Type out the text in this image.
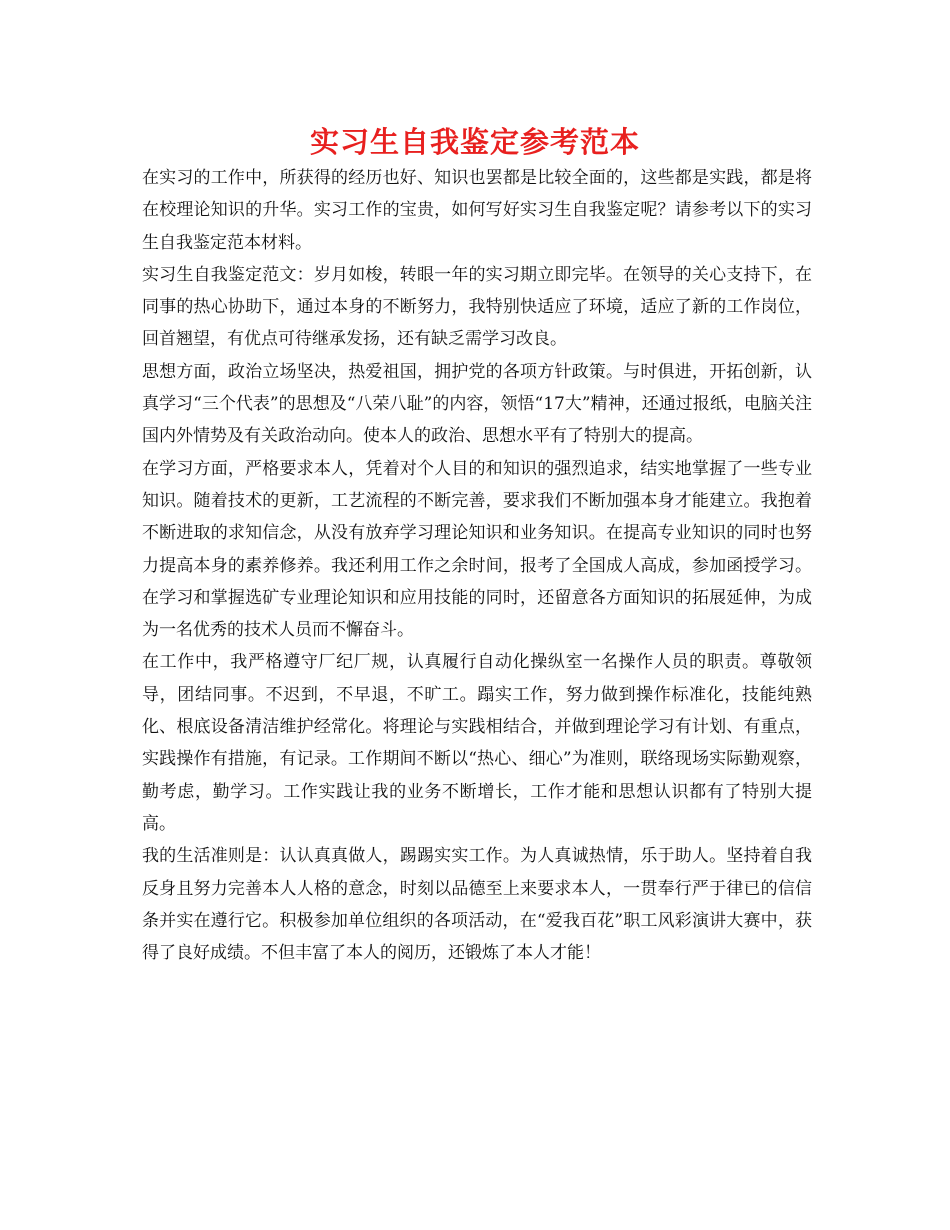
实习生自我鉴定参考范本

在实习的工作中，所获得的经历也好、知识也罢都是比较全面的，这些都是实践，都是将在校理论知识的升华。实习工作的宝贵，如何写好实习生自我鉴定呢？请参考以下的实习生自我鉴定范本材料。

实习生自我鉴定范文：岁月如梭，转眼一年的实习期立即完毕。在领导的关心支持下，在同事的热心协助下，通过本身的不断努力，我特别快适应了环境，适应了新的工作岗位，回首翘望，有优点可待继承发扬，还有缺乏需学习改良。

思想方面，政治立场坚决，热爱祖国，拥护党的各项方针政策。与时俱进，开拓创新，认真学习“三个代表”的思想及“八荣八耻”的内容，领悟“17大”精神，还通过报纸，电脑关注国内外情势及有关政治动向。使本人的政治、思想水平有了特别大的提高。

在学习方面，严格要求本人，凭着对个人目的和知识的强烈追求，结实地掌握了一些专业知识。随着技术的更新，工艺流程的不断完善，要求我们不断加强本身才能建立。我抱着不断进取的求知信念，从没有放弃学习理论知识和业务知识。在提高专业知识的同时也努力提高本身的素养修养。我还利用工作之余时间，报考了全国成人高成，参加函授学习。在学习和掌握选矿专业理论知识和应用技能的同时，还留意各方面知识的拓展延伸，为成为一名优秀的技术人员而不懈奋斗。

在工作中，我严格遵守厂纪厂规，认真履行自动化操纵室一名操作人员的职责。尊敬领导，团结同事。不迟到，不早退，不旷工。蹋实工作，努力做到操作标准化，技能纯熟化、根底设备清洁维护经常化。将理论与实践相结合，并做到理论学习有计划、有重点，实践操作有措施，有记录。工作期间不断以“热心、细心”为准则，联络现场实际勤观察，勤考虑，勤学习。工作实践让我的业务不断增长，工作才能和思想认识都有了特别大提高。

我的生活准则是：认认真真做人，踢踢实实工作。为人真诚热情，乐于助人。坚持着自我反身且努力完善本人人格的意念，时刻以品德至上来要求本人，一贯奉行严于律已的信信条并实在遵行它。积极参加单位组织的各项活动，在“爱我百花”职工风彩演讲大赛中，获得了良好成绩。不但丰富了本人的阅历，还锻炼了本人才能！
